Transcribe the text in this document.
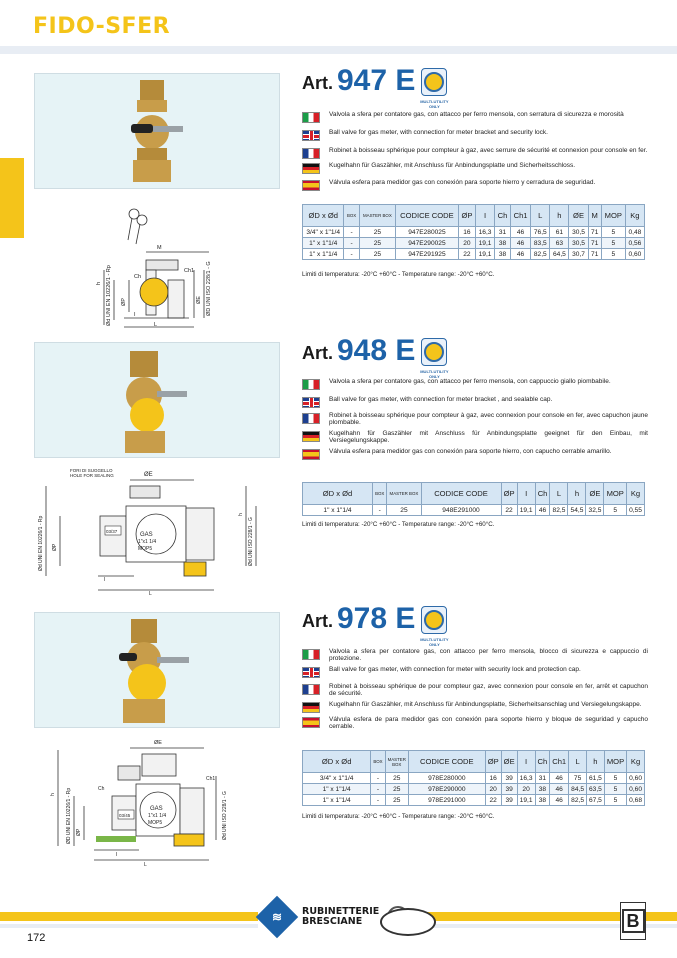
FIDO-SFER
Art. 947 E
MULTI-UTILITY ONLY
Valvola a sfera per contatore gas, con attacco per ferro mensola, con serratura di sicurezza e morosità
Ball valve for gas meter, with connection for meter bracket and security lock.
Robinet à boisseau sphérique pour compteur à gaz, avec serrure de sécurité et connexion pour console en fer.
Kugelhahn für Gaszähler, mit Anschluss für Anbindungsplatte und Sicherheitsschloss.
Válvula esfera para medidor gas con conexión para soporte hierro y cerradura de seguridad.
M
h Ød UNI EN 10226/1 - Rp ØP
Ch
Ch1
ØE ØD UNI ISO 228/1 - G
I
L
ØD x Ød	BOX	MASTER BOX	CODICE CODE	ØP	I	Ch	Ch1	L	h	ØE	M	MOP	Kg
3/4" x 1"1/4	-	25	947E280025	16	16,3	31	46	76,5	61	30,5	71	5	0,48
1" x 1"1/4	-	25	947E290025	20	19,1	38	46	83,5	63	30,5	71	5	0,56
1" x 1"1/4	-	25	947E291925	22	19,1	38	46	82,5	64,5	30,7	71	5	0,60
Limiti di temperatura: -20°C +60°C - Temperature range: -20°C +60°C.
Art. 948 E
MULTI-UTILITY ONLY
Valvola a sfera per contatore gas, con attacco per ferro mensola, con cappuccio giallo piombabile.
Ball valve for gas meter, with connection for meter bracket , and sealable cap.
Robinet à boisseau sphérique pour compteur à gaz, avec connexion pour console en fer, avec capuchon jaune plombable.
Kugelhahn für Gaszähler mit Anschluss für Anbindungsplatte geeignet für den Einbau, mit Versiegelungskappe.
Válvula esfera para medidor gas con conexión para soporte hierro, con capucho cerrable amarillo.
FORI DI SUGGELLO
HOLE FOR SEALING	ØE
Ød UNI EN 10226/1 - Rp ØP
h
Ød UNI ISO 228/1 - G
GAS
1"x1 1/4
MOP5
03/37
I
L
ØD x Ød	BOX	MASTER BOX	CODICE CODE	ØP	I	Ch	L	h	ØE	MOP	Kg
1" x 1"1/4	-	25	948E291000	22	19,1	46	82,5	54,5	32,5	5	0,55
Limiti di temperatura: -20°C +60°C - Temperature range: -20°C +60°C.
Art. 978 E
MULTI-UTILITY ONLY
Valvola a sfera per contatore gas, con attacco per ferro mensola, blocco di sicurezza e cappuccio di protezione.
Ball valve for gas meter, with connection for meter with security lock and protection cap.
Robinet à boisseau sphérique de pour compteur gaz, avec connexion pour console en fer, arrêt et capuchon de sécurité.
Kugelhahn für Gaszähler, mit Anschluss für Anbindungsplatte, Sicherheitsanschlag und Versiegelungskappe.
Válvula esfera de para medidor gas con conexión para soporte hierro y bloque de seguridad y capucho cerrable.
ØE
h ØD UNI EN 10226/1 - Rp ØP
Ch
Ch1
Ød UNI ISO 228/1 - G
GAS
1"x1 1/4
MOP5
03/45
I
L
ØD x Ød	BOX	MASTER BOX	CODICE CODE	ØP	ØE	I	Ch	Ch1	L	h	MOP	Kg
3/4" x 1"1/4	-	25	978E280000	16	39	16,3	31	46	75	61,5	5	0,60
1" x 1"1/4	-	25	978E290000	20	39	20	38	46	84,5	63,5	5	0,60
1" x 1"1/4	-	25	978E291000	22	39	19,1	38	46	82,5	67,5	5	0,68
Limiti di temperatura: -20°C +60°C - Temperature range: -20°C +60°C.
172
≋ RUBINETTERIE
BRESCIANE	B
